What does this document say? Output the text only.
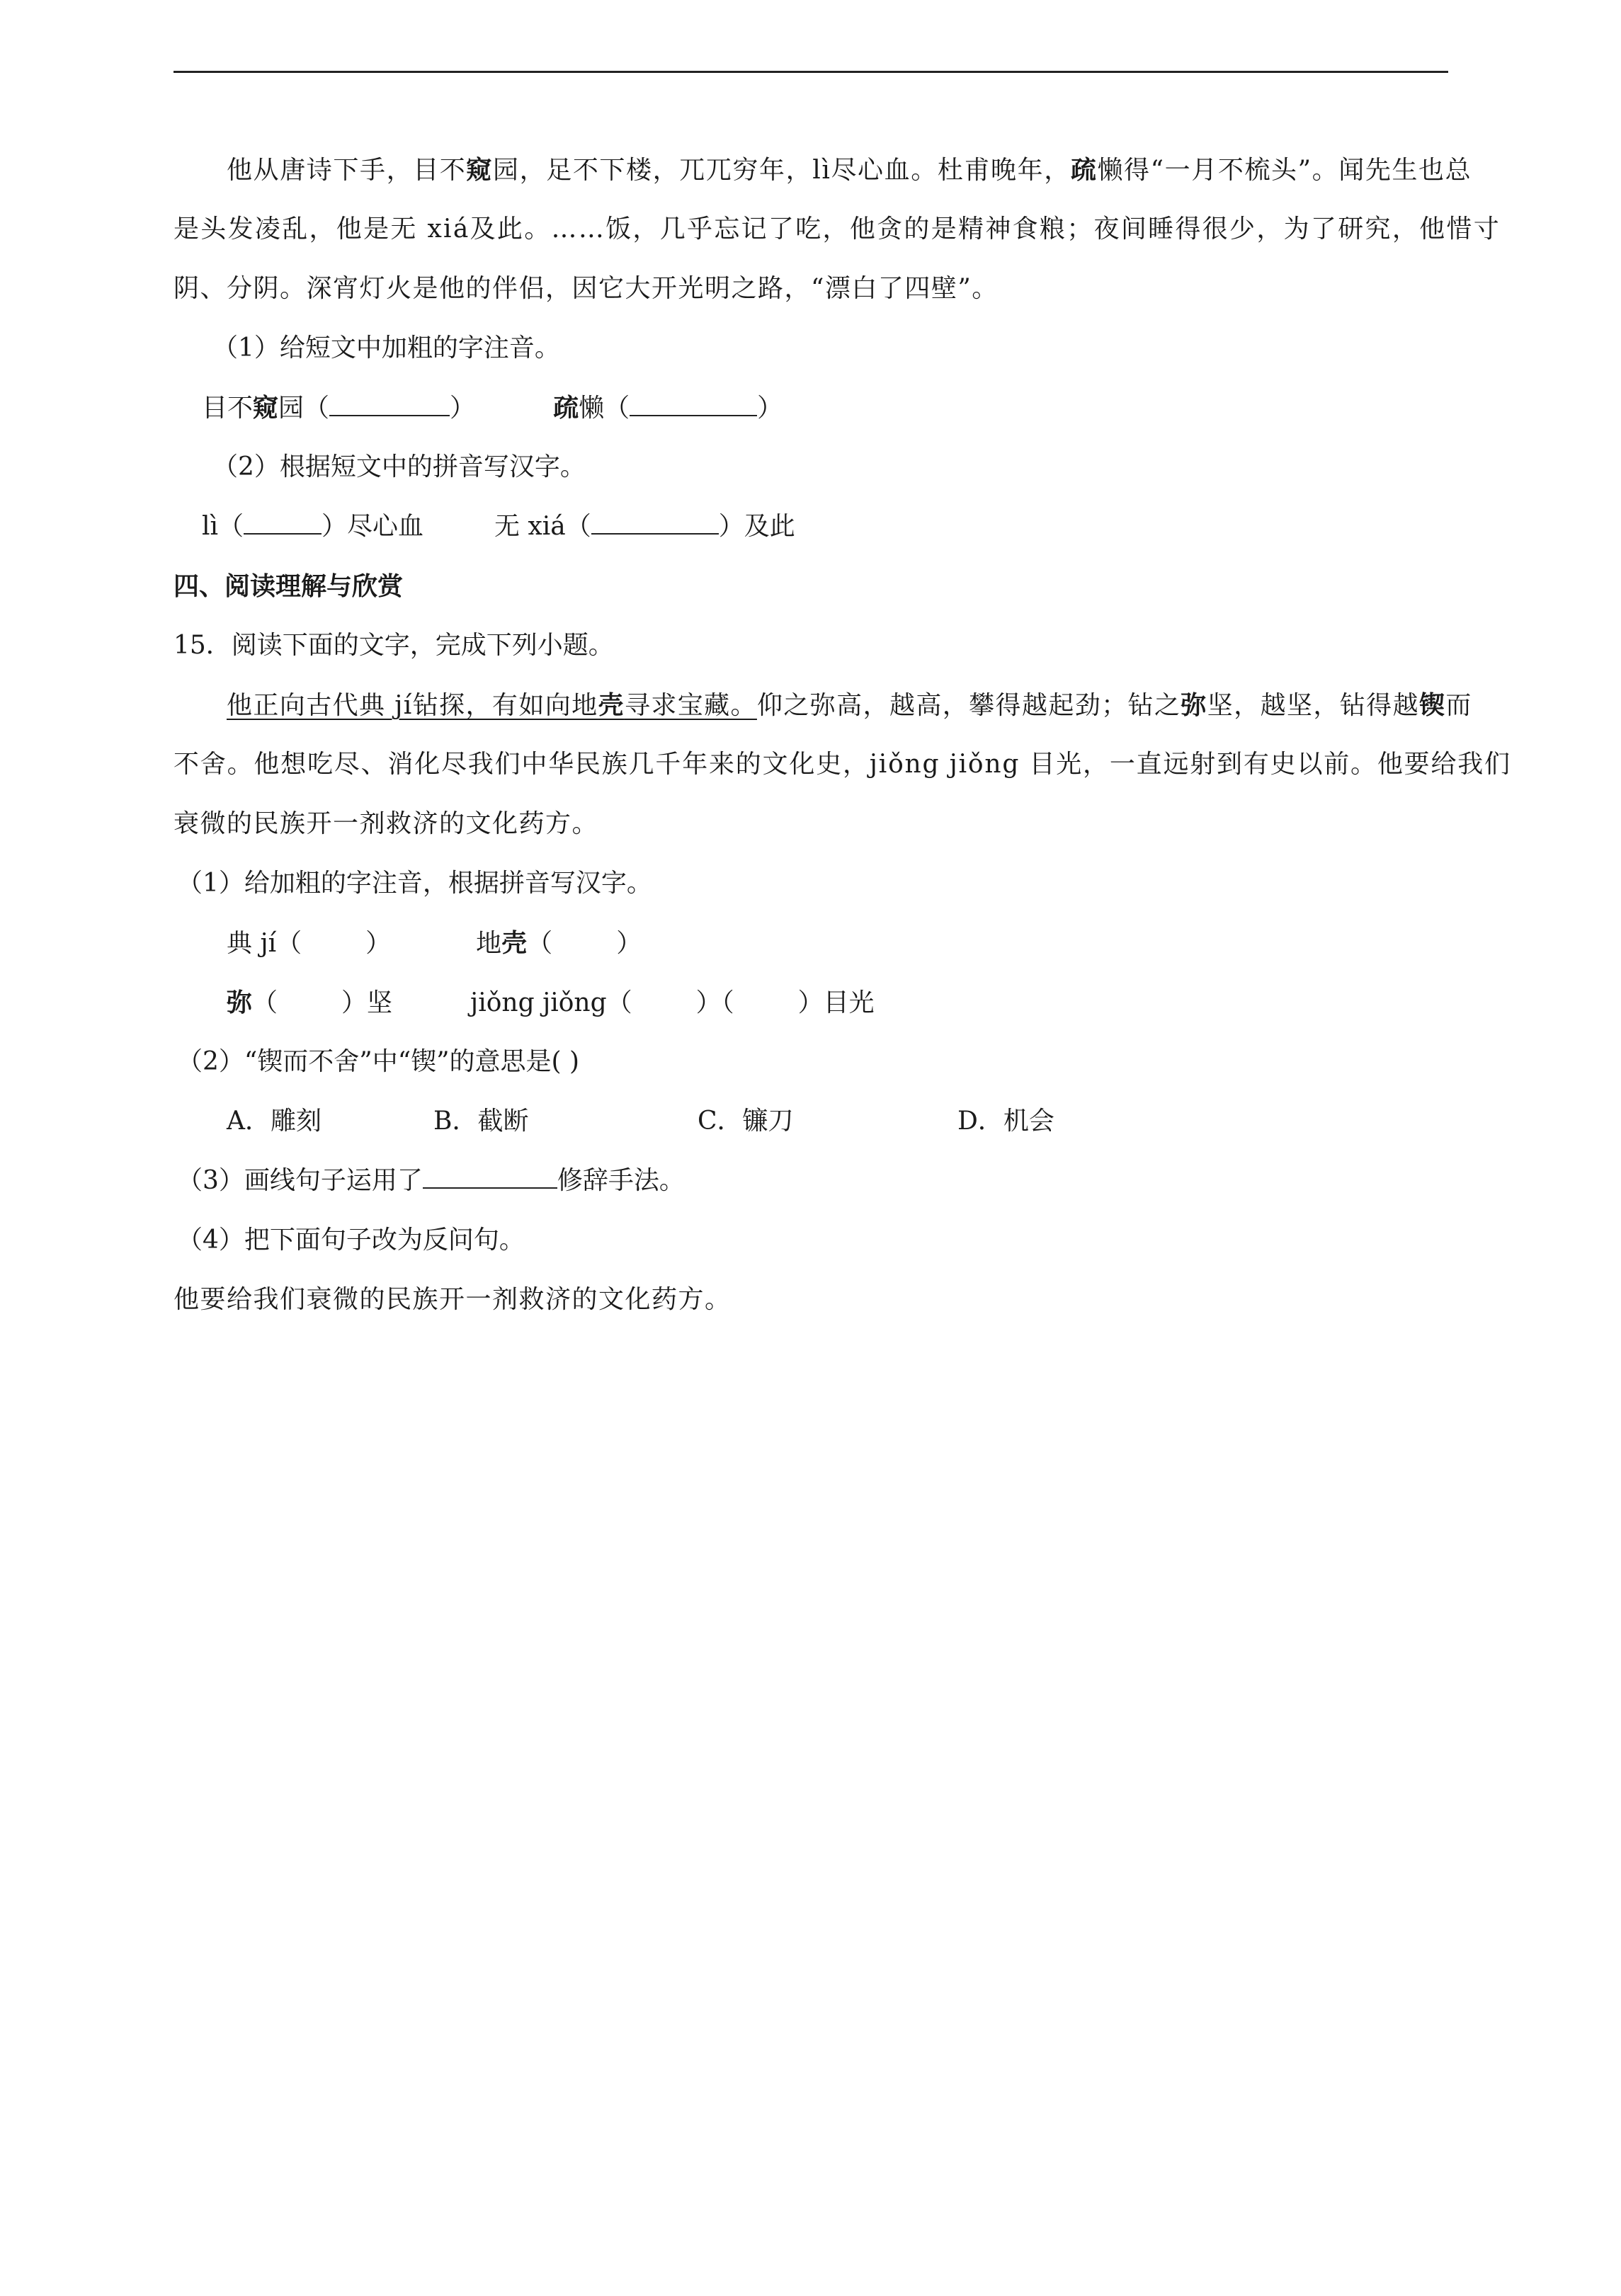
他从唐诗下手，目不窥园，足不下楼，兀兀穷年，lì尽心血。杜甫晚年，疏懒得“一月不梳头”。闻先生也总
是头发凌乱，他是无 xiá及此。……饭，几乎忘记了吃，他贪的是精神食粮；夜间睡得很少，为了研究，他惜寸
阴、分阴。深宵灯火是他的伴侣，因它大开光明之路，“漂白了四壁”。
（1）给短文中加粗的字注音。
目不窥园（	）	疏懒（	）
（2）根据短文中的拼音写汉字。
lì（	）尽心血	无 xiá（	）及此
四、阅读理解与欣赏
15．阅读下面的文字，完成下列小题。
他正向古代典 jí钻探，有如向地壳寻求宝藏。仰之弥高，越高，攀得越起劲；钻之弥坚，越坚，钻得越锲而
不舍。他想吃尽、消化尽我们中华民族几千年来的文化史，jiǒng jiǒng 目光，一直远射到有史以前。他要给我们
衰微的民族开一剂救济的文化药方。
（1）给加粗的字注音，根据拼音写汉字。
典 jí（	）	地壳（	）
弥（	）坚	jiǒng jiǒng（	）（	）目光
（2）“锲而不舍”中“锲”的意思是( )
A．雕刻	B．截断	C．镰刀	D．机会
（3）画线句子运用了	修辞手法。
（4）把下面句子改为反问句。
他要给我们衰微的民族开一剂救济的文化药方。
